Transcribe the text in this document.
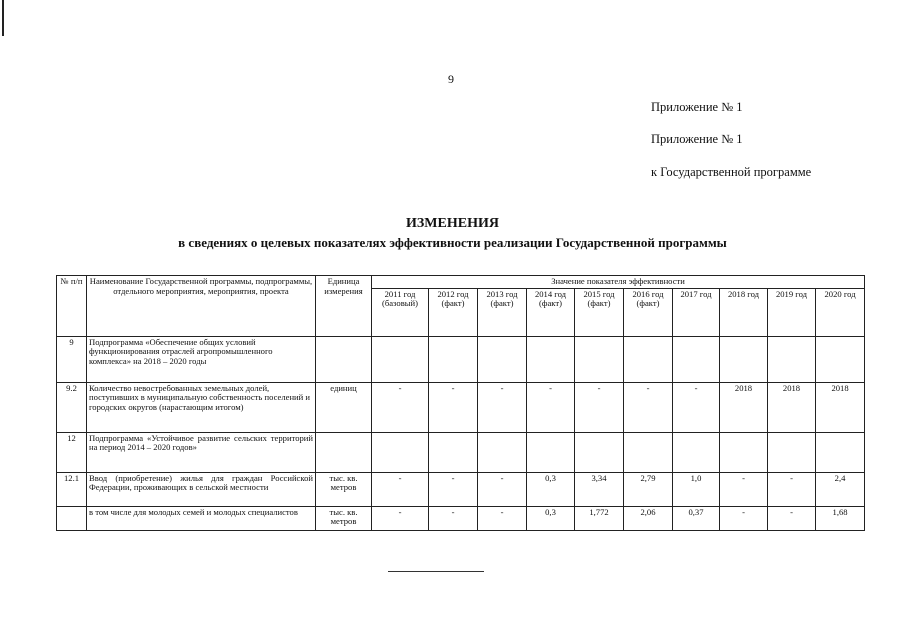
9
Приложение № 1
Приложение № 1
к Государственной программе
ИЗМЕНЕНИЯ
в сведениях о целевых показателях эффективности реализации Государственной программы
№ п/п	Наименование Государственной программы, подпрограммы, отдельного мероприятия, мероприятия, проекта	Единица измерения	Значение показателя эффективности									
			2011 год (базовый)	2012 год (факт)	2013 год (факт)	2014 год (факт)	2015 год (факт)	2016 год (факт)	2017 год	2018 год	2019 год	2020 год
9	Подпрограмма «Обеспечение общих условий функционирования отраслей агропромышленного комплекса» на 2018 – 2020 годы											
9.2	Количество невостребованных земельных долей, поступивших в муниципальную собственность поселений и городских округов (нарастающим итогом)	единиц	-	-	-	-	-	-	-	2018	2018	2018
12	Подпрограмма «Устойчивое развитие сельских территорий на период 2014 – 2020 годов»											
12.1	Ввод (приобретение) жилья для граждан Российской Федерации, проживающих в сельской местности	тыс. кв. метров	-	-	-	0,3	3,34	2,79	1,0	-	-	2,4
	в том числе для молодых семей и молодых специалистов	тыс. кв. метров	-	-	-	0,3	1,772	2,06	0,37	-	-	1,68
